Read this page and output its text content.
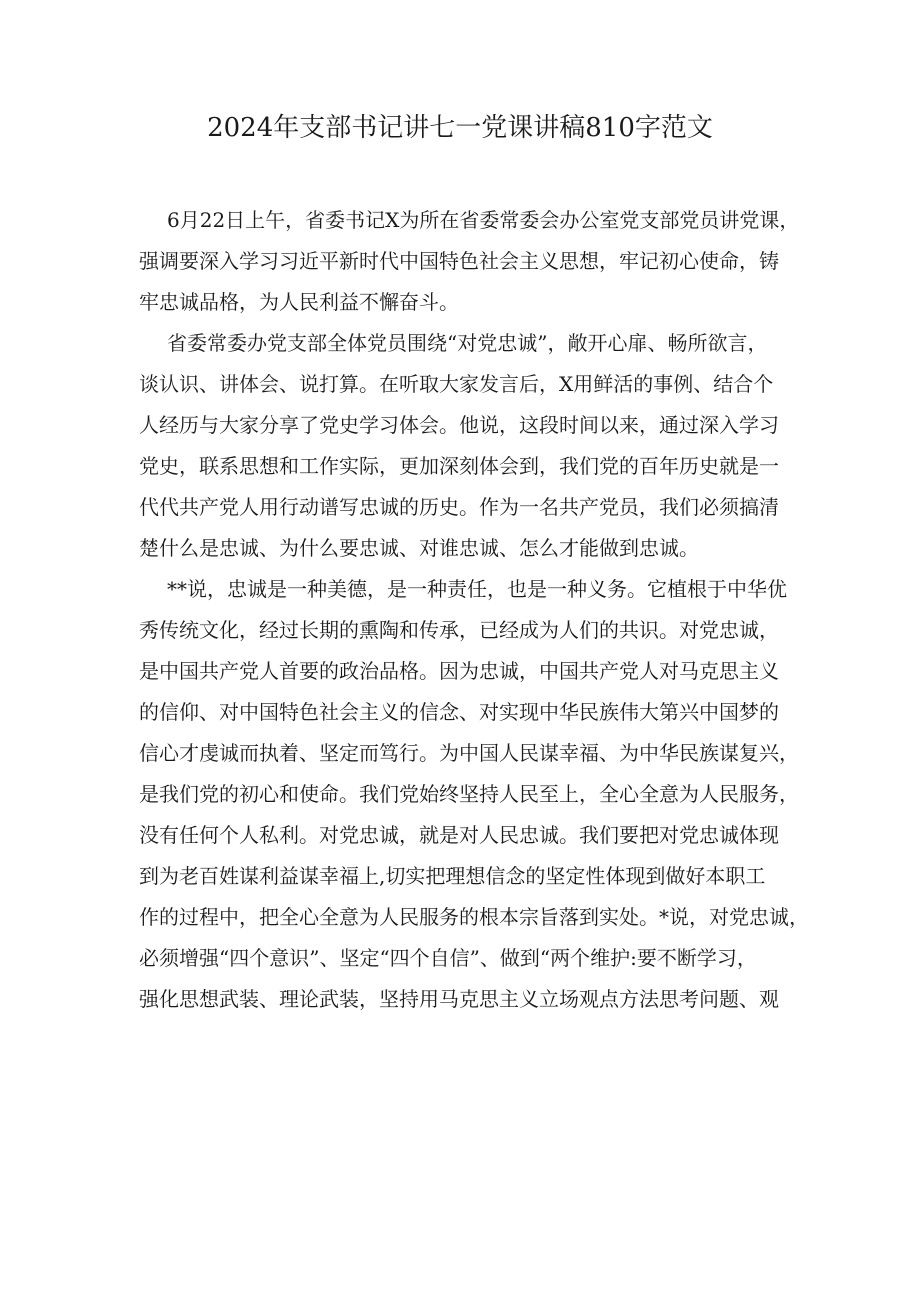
2024年支部书记讲七一党课讲稿810字范文
6月22日上午，省委书记X为所在省委常委会办公室党支部党员讲党课，
强调要深入学习习近平新时代中国特色社会主义思想，牢记初心使命，铸
牢忠诚品格，为人民利益不懈奋斗。
省委常委办党支部全体党员围绕“对党忠诚”，敞开心扉、畅所欲言，
谈认识、讲体会、说打算。在听取大家发言后，X用鲜活的事例、结合个
人经历与大家分享了党史学习体会。他说，这段时间以来，通过深入学习
党史，联系思想和工作实际，更加深刻体会到，我们党的百年历史就是一
代代共产党人用行动谱写忠诚的历史。作为一名共产党员，我们必须搞清
楚什么是忠诚、为什么要忠诚、对谁忠诚、怎么才能做到忠诚。
**说，忠诚是一种美德，是一种责任，也是一种义务。它植根于中华优
秀传统文化，经过长期的熏陶和传承，已经成为人们的共识。对党忠诚，
是中国共产党人首要的政治品格。因为忠诚，中国共产党人对马克思主义
的信仰、对中国特色社会主义的信念、对实现中华民族伟大第兴中国梦的
信心才虔诚而执着、坚定而笃行。为中国人民谋幸福、为中华民族谋复兴，
是我们党的初心和使命。我们党始终坚持人民至上，全心全意为人民服务，
没有任何个人私利。对党忠诚，就是对人民忠诚。我们要把对党忠诚体现
到为老百姓谋利益谋幸福上,切实把理想信念的坚定性体现到做好本职工
作的过程中，把全心全意为人民服务的根本宗旨落到实处。*说，对党忠诚，
必须增强“四个意识”、坚定“四个自信”、做到“两个维护:要不断学习，
强化思想武装、理论武装，坚持用马克思主义立场观点方法思考问题、观
